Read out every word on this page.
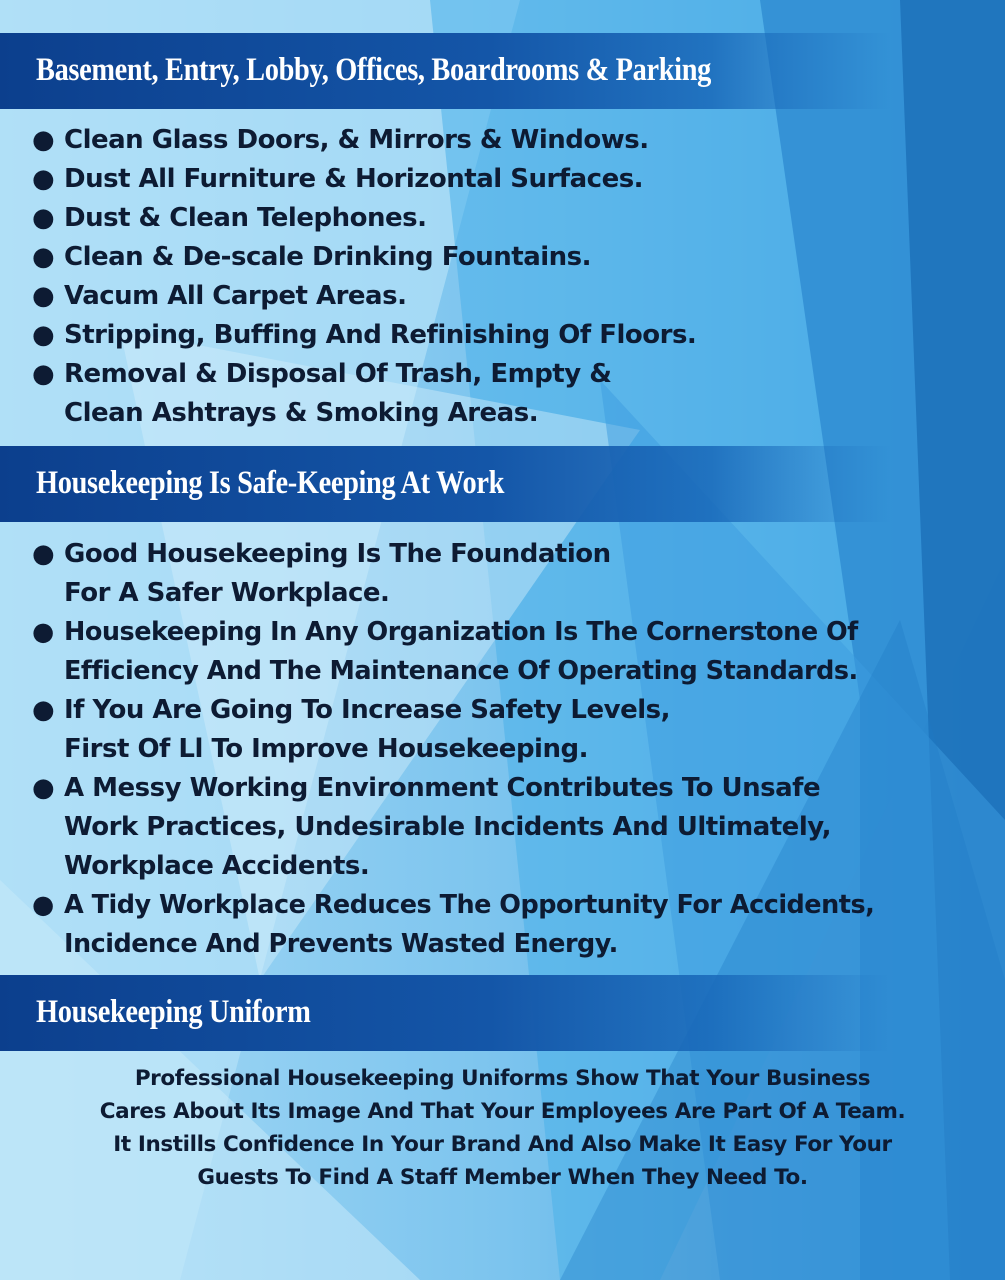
Basement, Entry, Lobby, Offices, Boardrooms & Parking
● Clean Glass Doors, & Mirrors & Windows.
● Dust All Furniture & Horizontal Surfaces.
● Dust & Clean Telephones.
● Clean & De-scale Drinking Fountains.
● Vacum All Carpet Areas.
● Stripping, Buffing And Refinishing Of Floors.
● Removal & Disposal Of Trash, Empty &
Clean Ashtrays & Smoking Areas.
Housekeeping Is Safe-Keeping At Work
● Good Housekeeping Is The Foundation
For A Safer Workplace.
● Housekeeping In Any Organization Is The Cornerstone Of
Efficiency And The Maintenance Of Operating Standards.
● If You Are Going To Increase Safety Levels,
First Of Ll To Improve Housekeeping.
● A Messy Working Environment Contributes To Unsafe
Work Practices, Undesirable Incidents And Ultimately,
Workplace Accidents.
● A Tidy Workplace Reduces The Opportunity For Accidents,
Incidence And Prevents Wasted Energy.
Housekeeping Uniform

Professional Housekeeping Uniforms Show That Your Business
Cares About Its Image And That Your Employees Are Part Of A Team.
It Instills Confidence In Your Brand And Also Make It Easy For Your
Guests To Find A Staff Member When They Need To.
